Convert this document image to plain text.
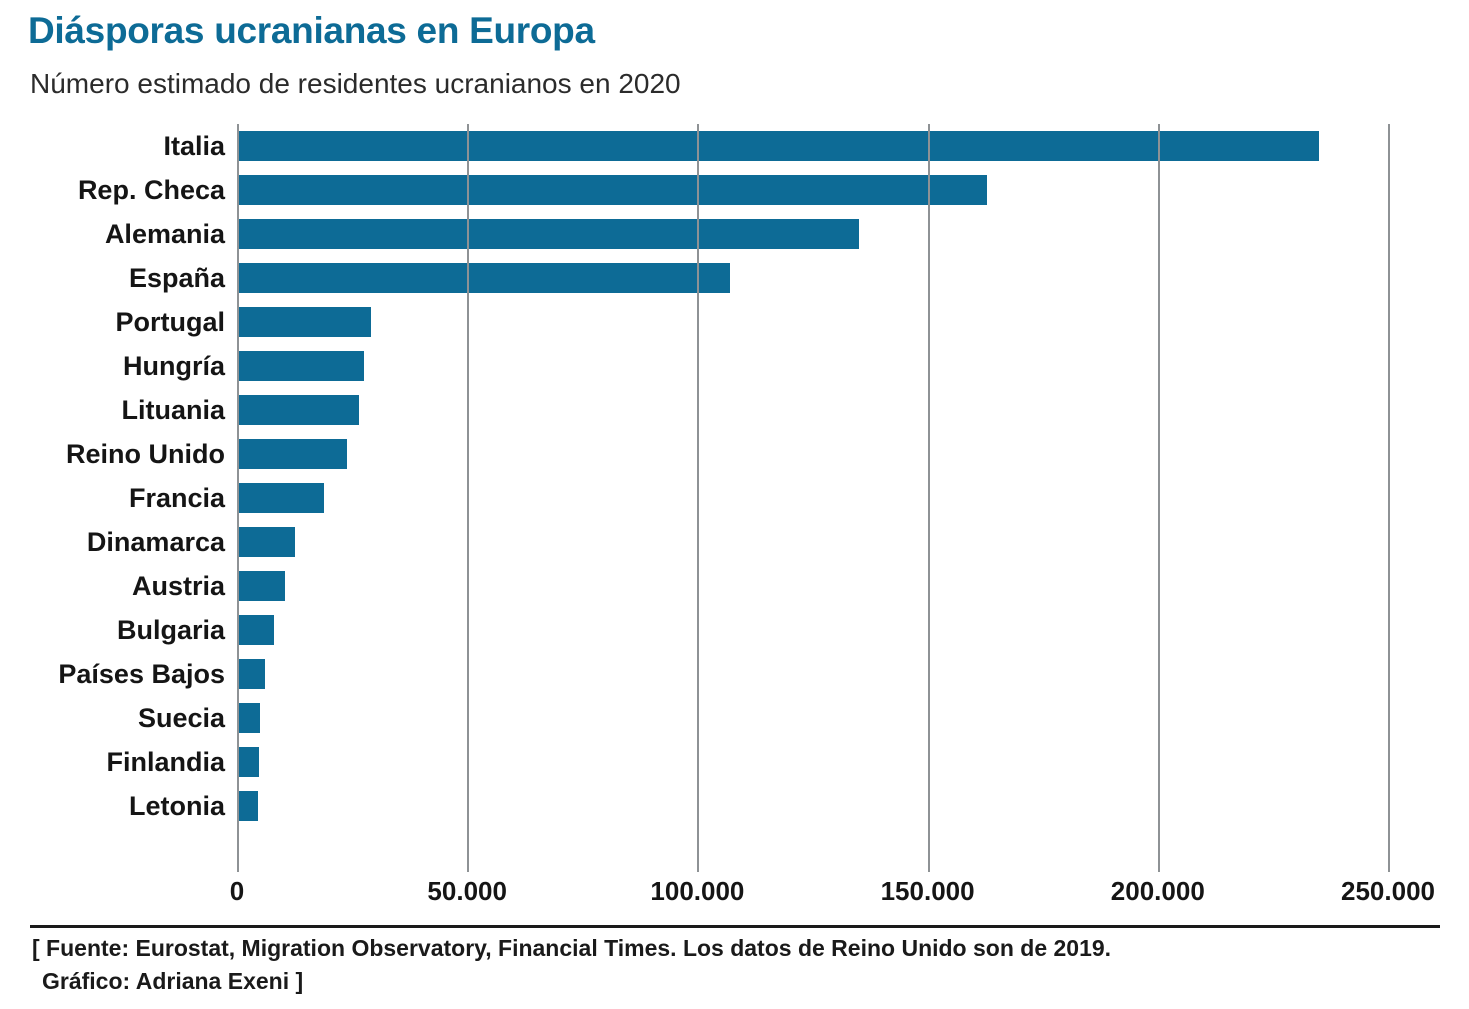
Diásporas ucranianas en Europa
Número estimado de residentes ucranianos en 2020
Italia
Rep. Checa
Alemania
España
Portugal
Hungría
Lituania
Reino Unido
Francia
Dinamarca
Austria
Bulgaria
Países Bajos
Suecia
Finlandia
Letonia
0	50.000	100.000	150.000	200.000	250.000
[ Fuente: Eurostat, Migration Observatory, Financial Times. Los datos de Reino Unido son de 2019.
Gráfico: Adriana Exeni ]
